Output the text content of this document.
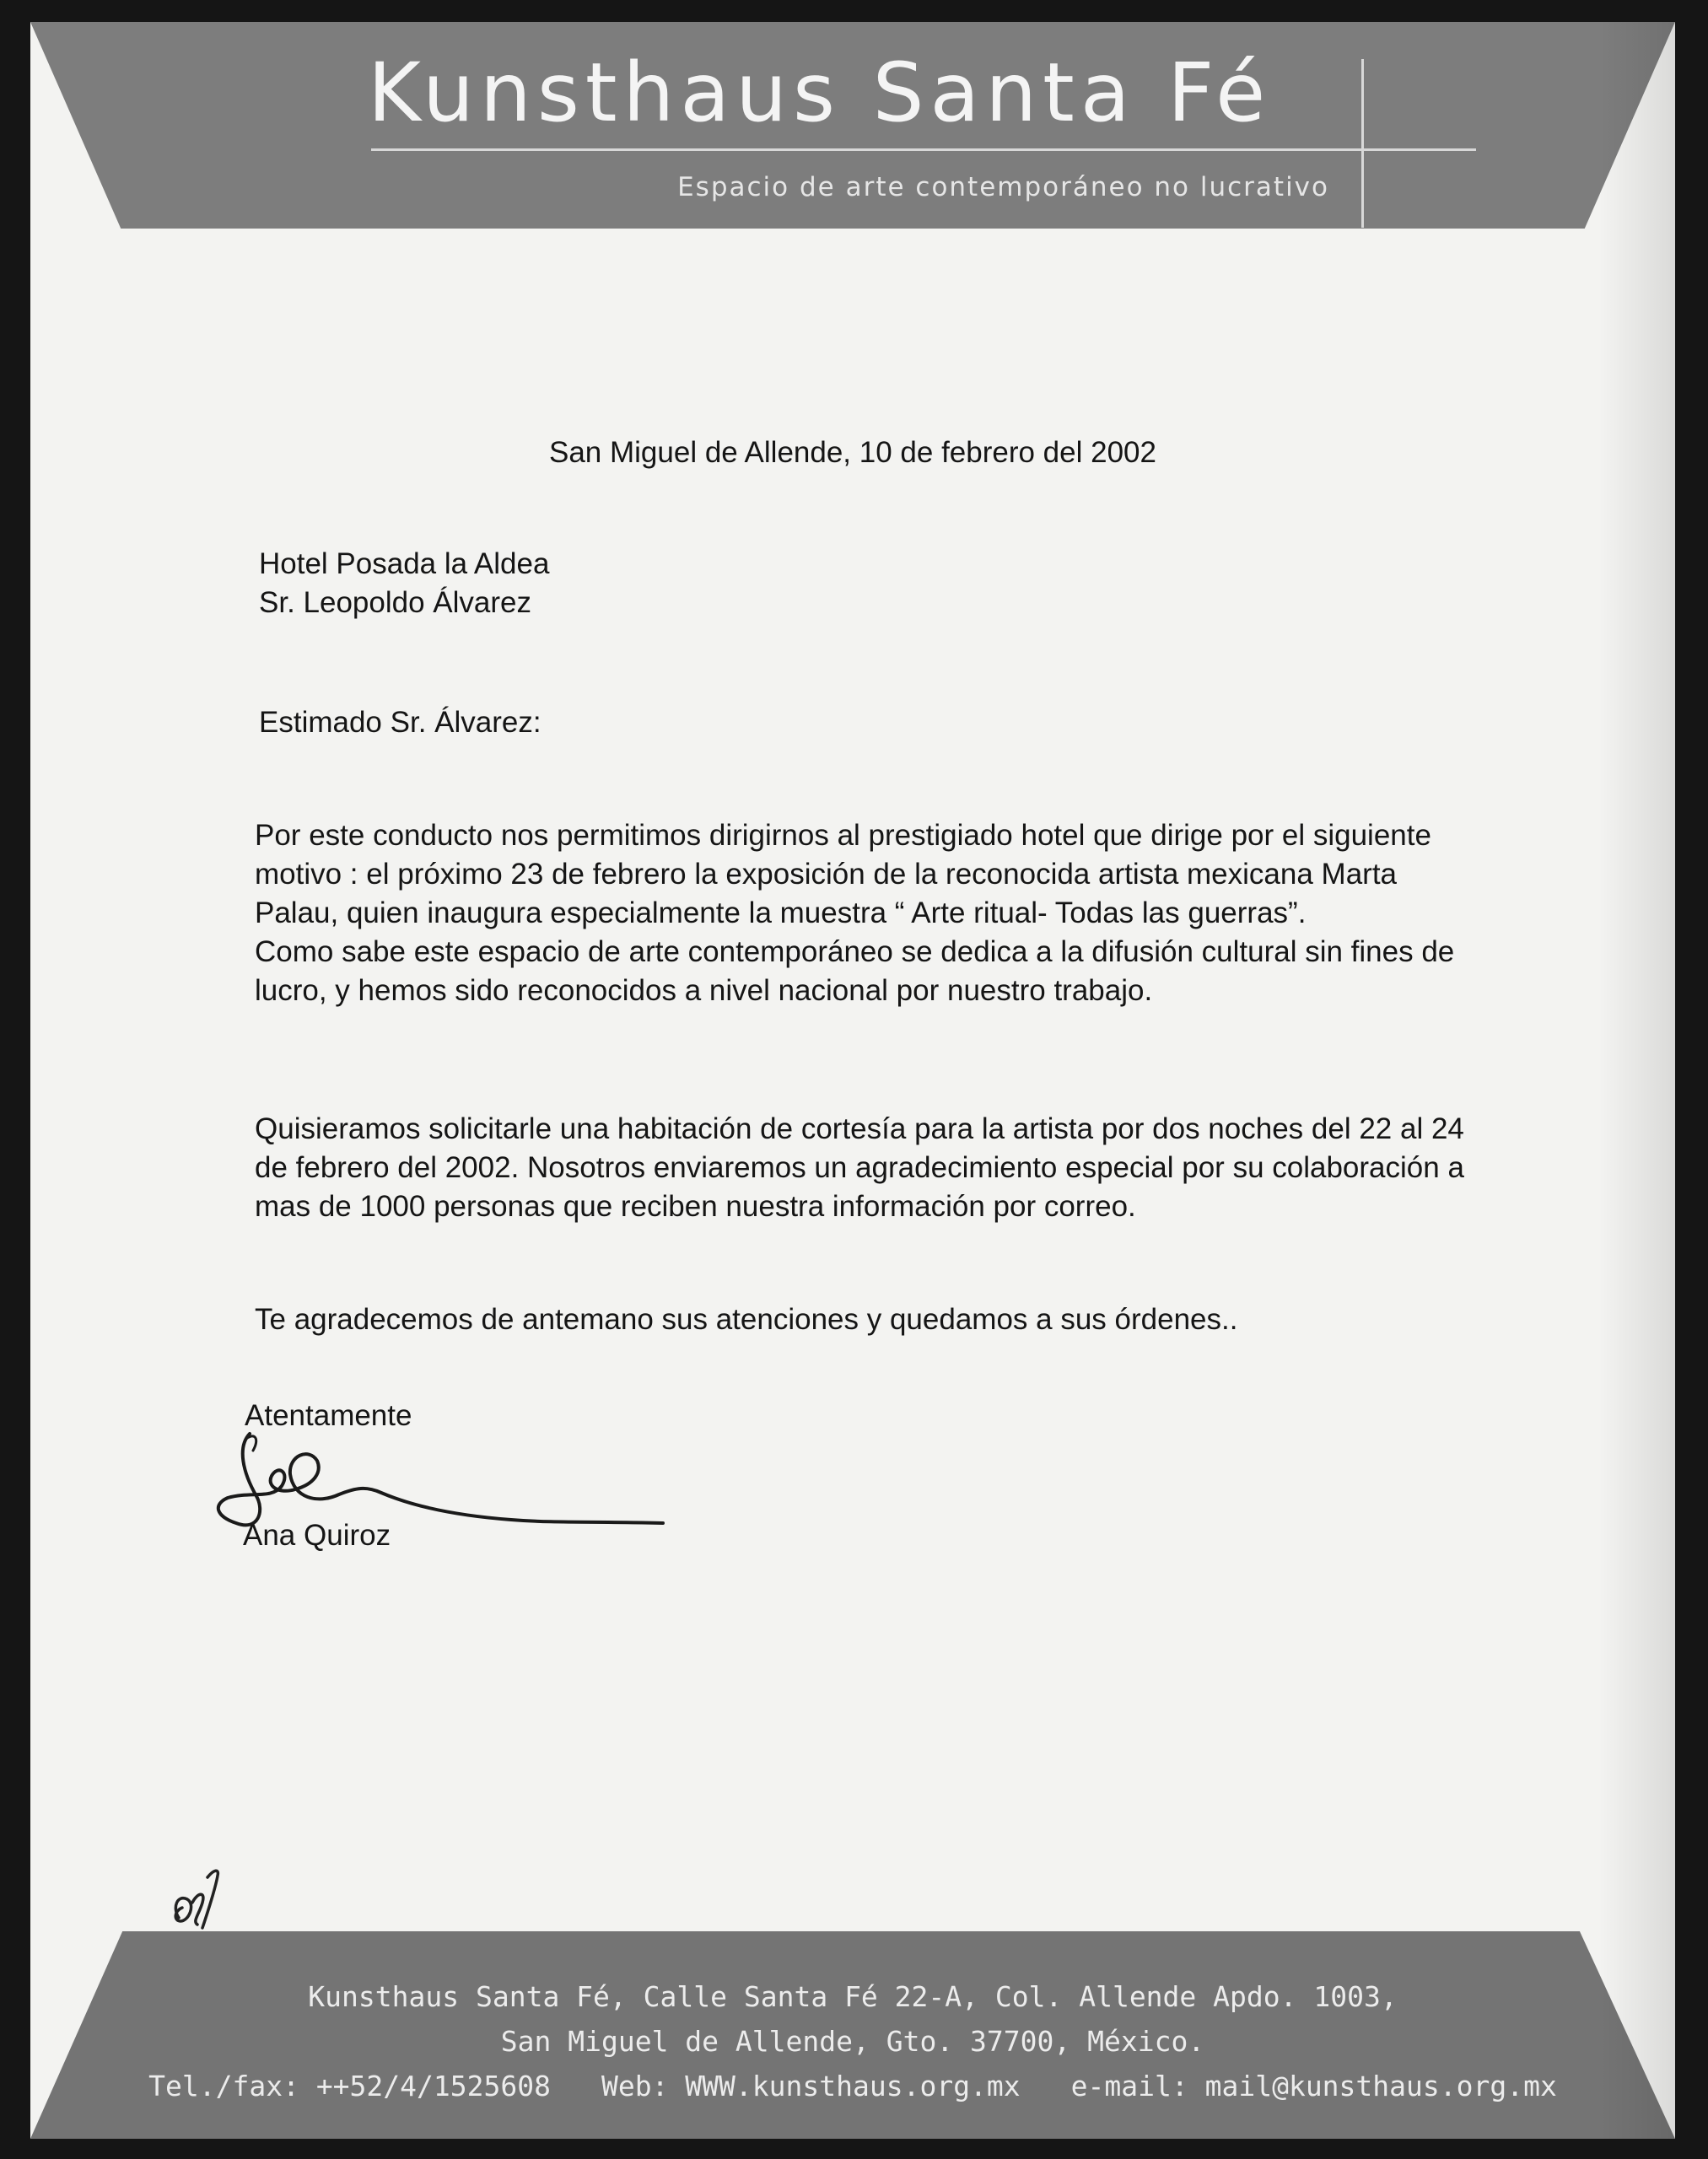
Kunsthaus Santa Fé
Espacio de arte contemporáneo no lucrativo
San Miguel de Allende, 10 de febrero del 2002
Hotel Posada la Aldea
Sr. Leopoldo Álvarez
Estimado Sr. Álvarez:

Por este conducto nos permitimos dirigirnos al prestigiado hotel que dirige por el siguiente motivo : el próximo 23 de febrero la exposición de la reconocida artista mexicana Marta Palau, quien inaugura especialmente la muestra “ Arte ritual- Todas las guerras”.
Como sabe este espacio de arte contemporáneo se dedica a la difusión cultural sin fines de lucro, y hemos sido reconocidos a nivel nacional por nuestro trabajo.

Quisieramos solicitarle una habitación de cortesía para la artista por dos noches del 22 al 24 de febrero del 2002. Nosotros enviaremos un agradecimiento especial por su colaboración a mas de 1000 personas que reciben nuestra información por correo.

Te agradecemos de antemano sus atenciones y quedamos a sus órdenes..

Atentamente
Ana Quiroz
Kunsthaus Santa Fé, Calle Santa Fé 22-A, Col. Allende Apdo. 1003,
San Miguel de Allende, Gto. 37700, México.
Tel./fax: ++52/4/1525608 Web: WWW.kunsthaus.org.mx e-mail: mail@kunsthaus.org.mx
